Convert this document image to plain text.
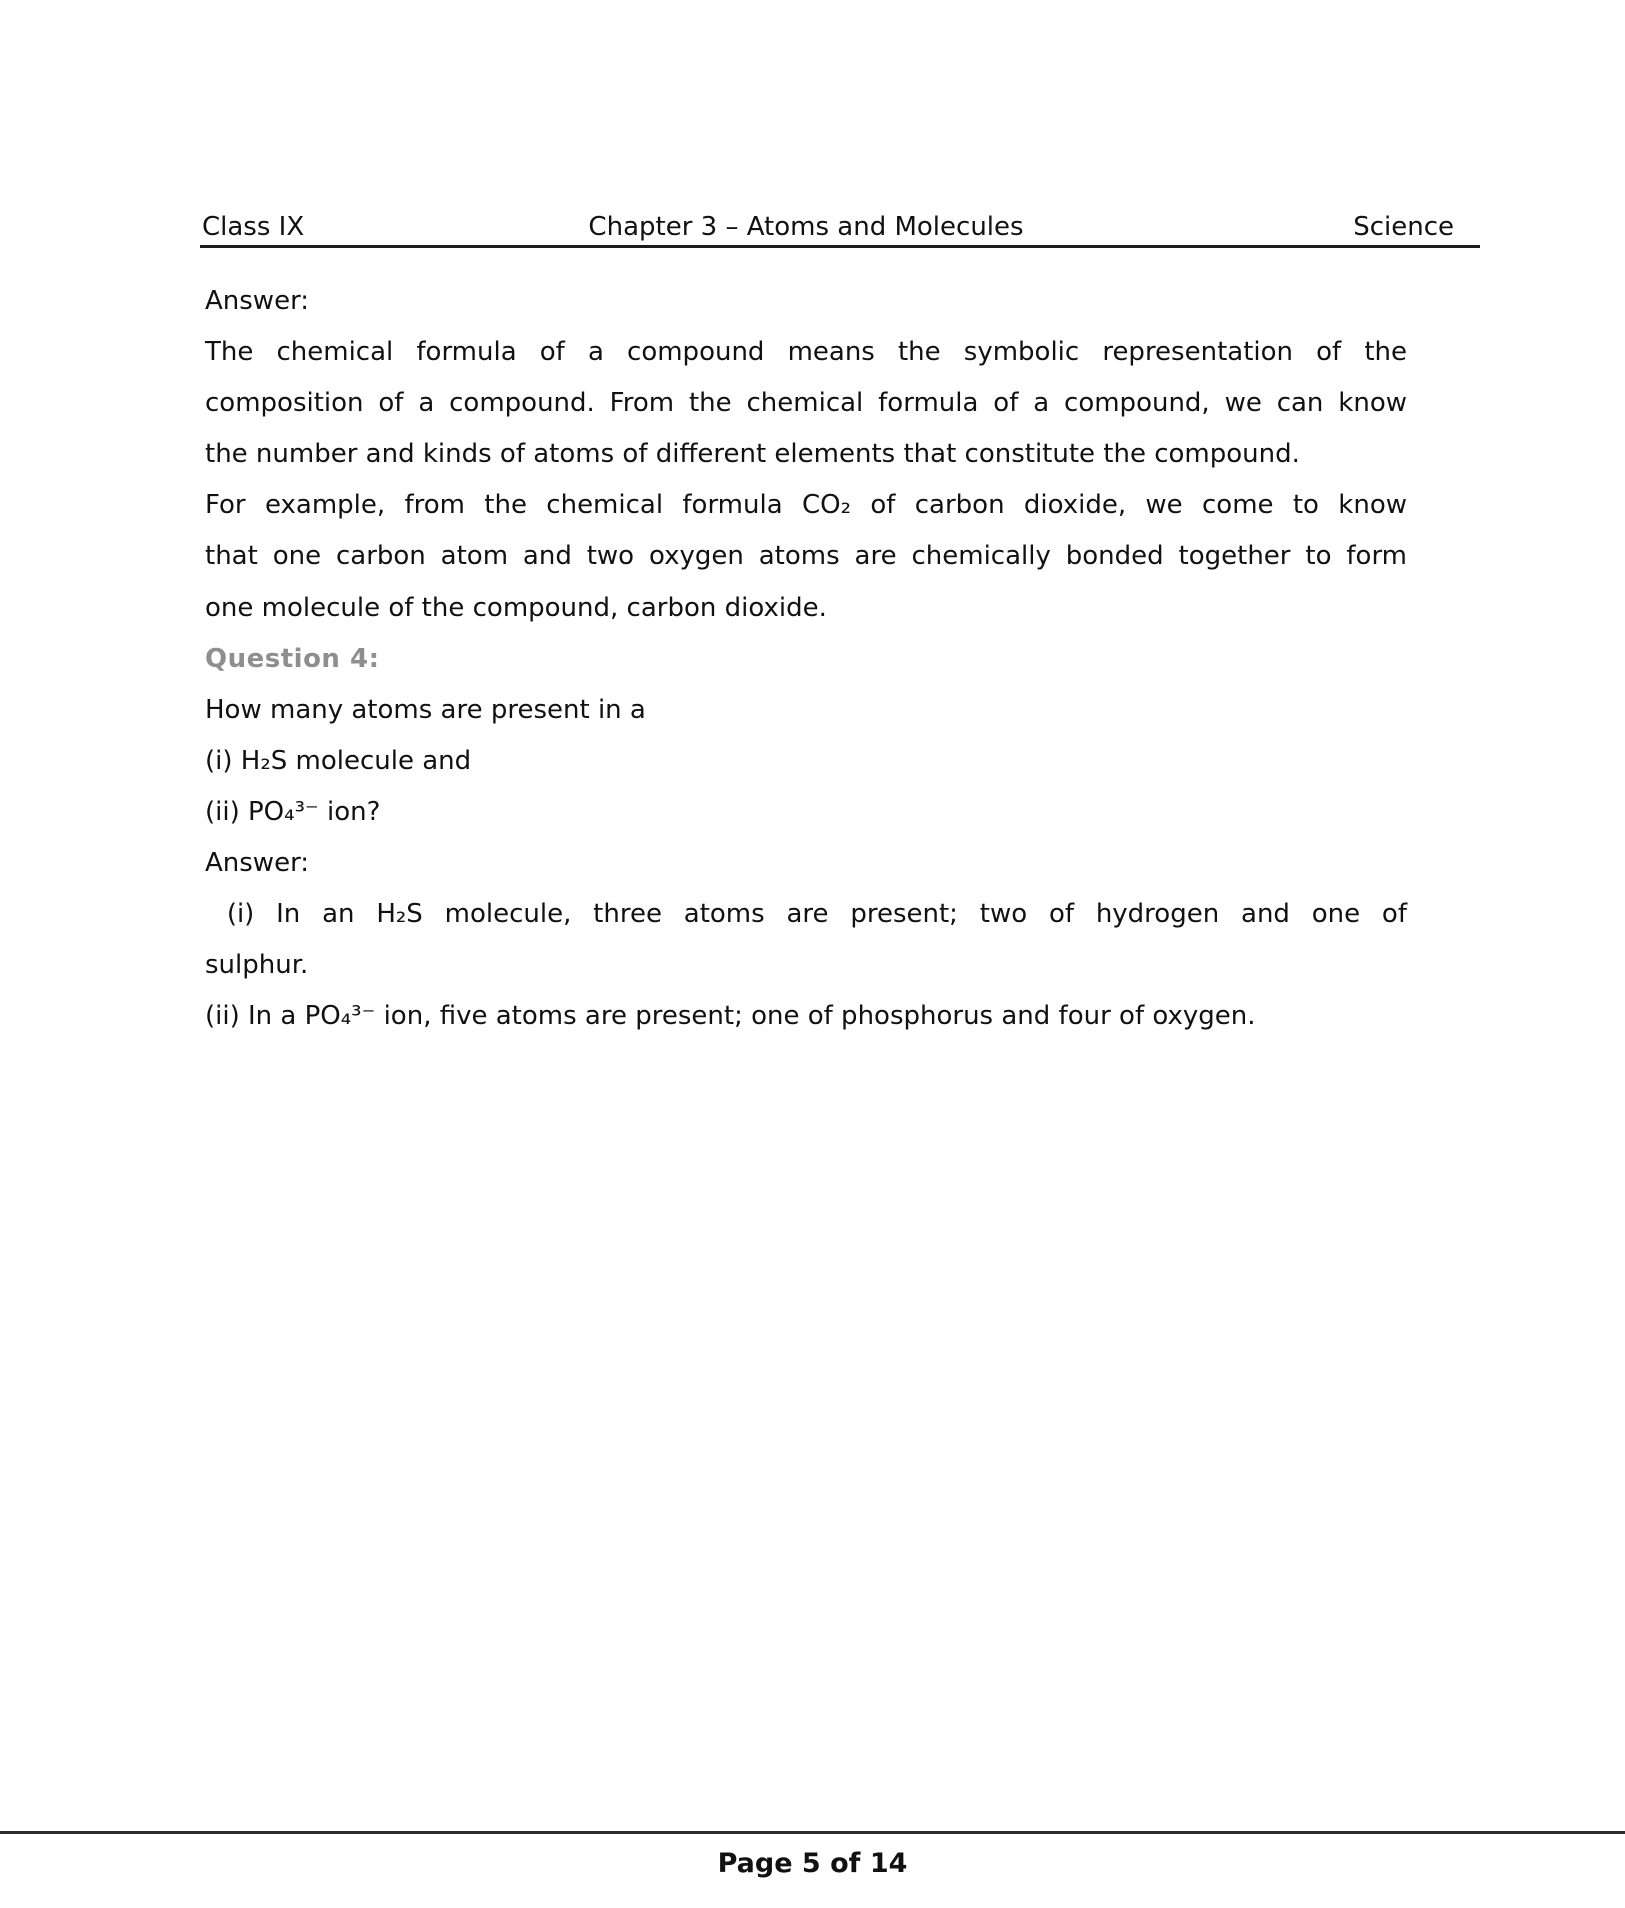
Class IX	Chapter 3 – Atoms and Molecules	Science
Answer:
The chemical formula of a compound means the symbolic representation of the
composition of a compound. From the chemical formula of a compound, we can know
the number and kinds of atoms of different elements that constitute the compound.
For example, from the chemical formula CO₂ of carbon dioxide, we come to know
that one carbon atom and two oxygen atoms are chemically bonded together to form
one molecule of the compound, carbon dioxide.
Question 4:
How many atoms are present in a
(i) H₂S molecule and
(ii) PO₄³⁻ ion?
Answer:
(i) In an H₂S molecule, three atoms are present; two of hydrogen and one of
sulphur.
(ii) In a PO₄³⁻ ion, five atoms are present; one of phosphorus and four of oxygen.
Page 5 of 14
